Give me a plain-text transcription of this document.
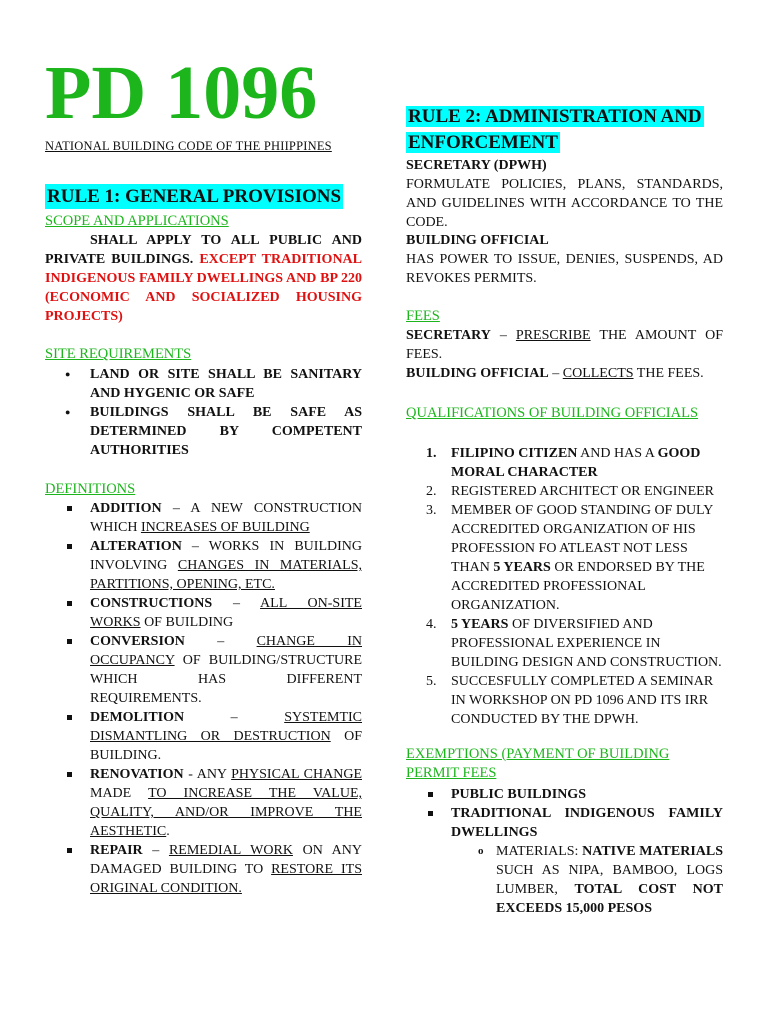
PD 1096
NATIONAL BUILDING CODE OF THE PHIIPPINES
RULE 1: GENERAL PROVISIONS
SCOPE AND APPLICATIONS
SHALL APPLY TO ALL PUBLIC AND PRIVATE BUILDINGS. EXCEPT TRADITIONAL INDIGENOUS FAMILY DWELLINGS AND BP 220 (ECONOMIC AND SOCIALIZED HOUSING PROJECTS)
SITE REQUIREMENTS
● LAND OR SITE SHALL BE SANITARY AND HYGENIC OR SAFE
● BUILDINGS SHALL BE SAFE AS DETERMINED BY COMPETENT AUTHORITIES
DEFINITIONS
ADDITION – A NEW CONSTRUCTION WHICH INCREASES OF BUILDING
ALTERATION – WORKS IN BUILDING INVOLVING CHANGES IN MATERIALS, PARTITIONS, OPENING, ETC.
CONSTRUCTIONS – ALL ON-SITE WORKS OF BUILDING
CONVERSION – CHANGE IN OCCUPANCY OF BUILDING/STRUCTURE WHICH HAS DIFFERENT REQUIREMENTS.
DEMOLITION – SYSTEMTIC DISMANTLING OR DESTRUCTION OF BUILDING.
RENOVATION - ANY PHYSICAL CHANGE MADE TO INCREASE THE VALUE, QUALITY, AND/OR IMPROVE THE AESTHETIC.
REPAIR – REMEDIAL WORK ON ANY DAMAGED BUILDING TO RESTORE ITS ORIGINAL CONDITION.
RULE 2: ADMINISTRATION AND
ENFORCEMENT
SECRETARY (DPWH)
FORMULATE POLICIES, PLANS, STANDARDS, AND GUIDELINES WITH ACCORDANCE TO THE CODE.
BUILDING OFFICIAL
HAS POWER TO ISSUE, DENIES, SUSPENDS, AD REVOKES PERMITS.
FEES
SECRETARY – PRESCRIBE THE AMOUNT OF FEES.
BUILDING OFFICIAL – COLLECTS THE FEES.
QUALIFICATIONS OF BUILDING OFFICIALS
1. FILIPINO CITIZEN AND HAS A GOOD MORAL CHARACTER
2. REGISTERED ARCHITECT OR ENGINEER
3. MEMBER OF GOOD STANDING OF DULY ACCREDITED ORGANIZATION OF HIS PROFESSION FO ATLEAST NOT LESS THAN 5 YEARS OR ENDORSED BY THE ACCREDITED PROFESSIONAL ORGANIZATION.
4. 5 YEARS OF DIVERSIFIED AND PROFESSIONAL EXPERIENCE IN BUILDING DESIGN AND CONSTRUCTION.
5. SUCCESFULLY COMPLETED A SEMINAR IN WORKSHOP ON PD 1096 AND ITS IRR CONDUCTED BY THE DPWH.
EXEMPTIONS (PAYMENT OF BUILDING
PERMIT FEES
PUBLIC BUILDINGS
TRADITIONAL INDIGENOUS FAMILY DWELLINGS
o MATERIALS: NATIVE MATERIALS SUCH AS NIPA, BAMBOO, LOGS LUMBER, TOTAL COST NOT EXCEEDS 15,000 PESOS
